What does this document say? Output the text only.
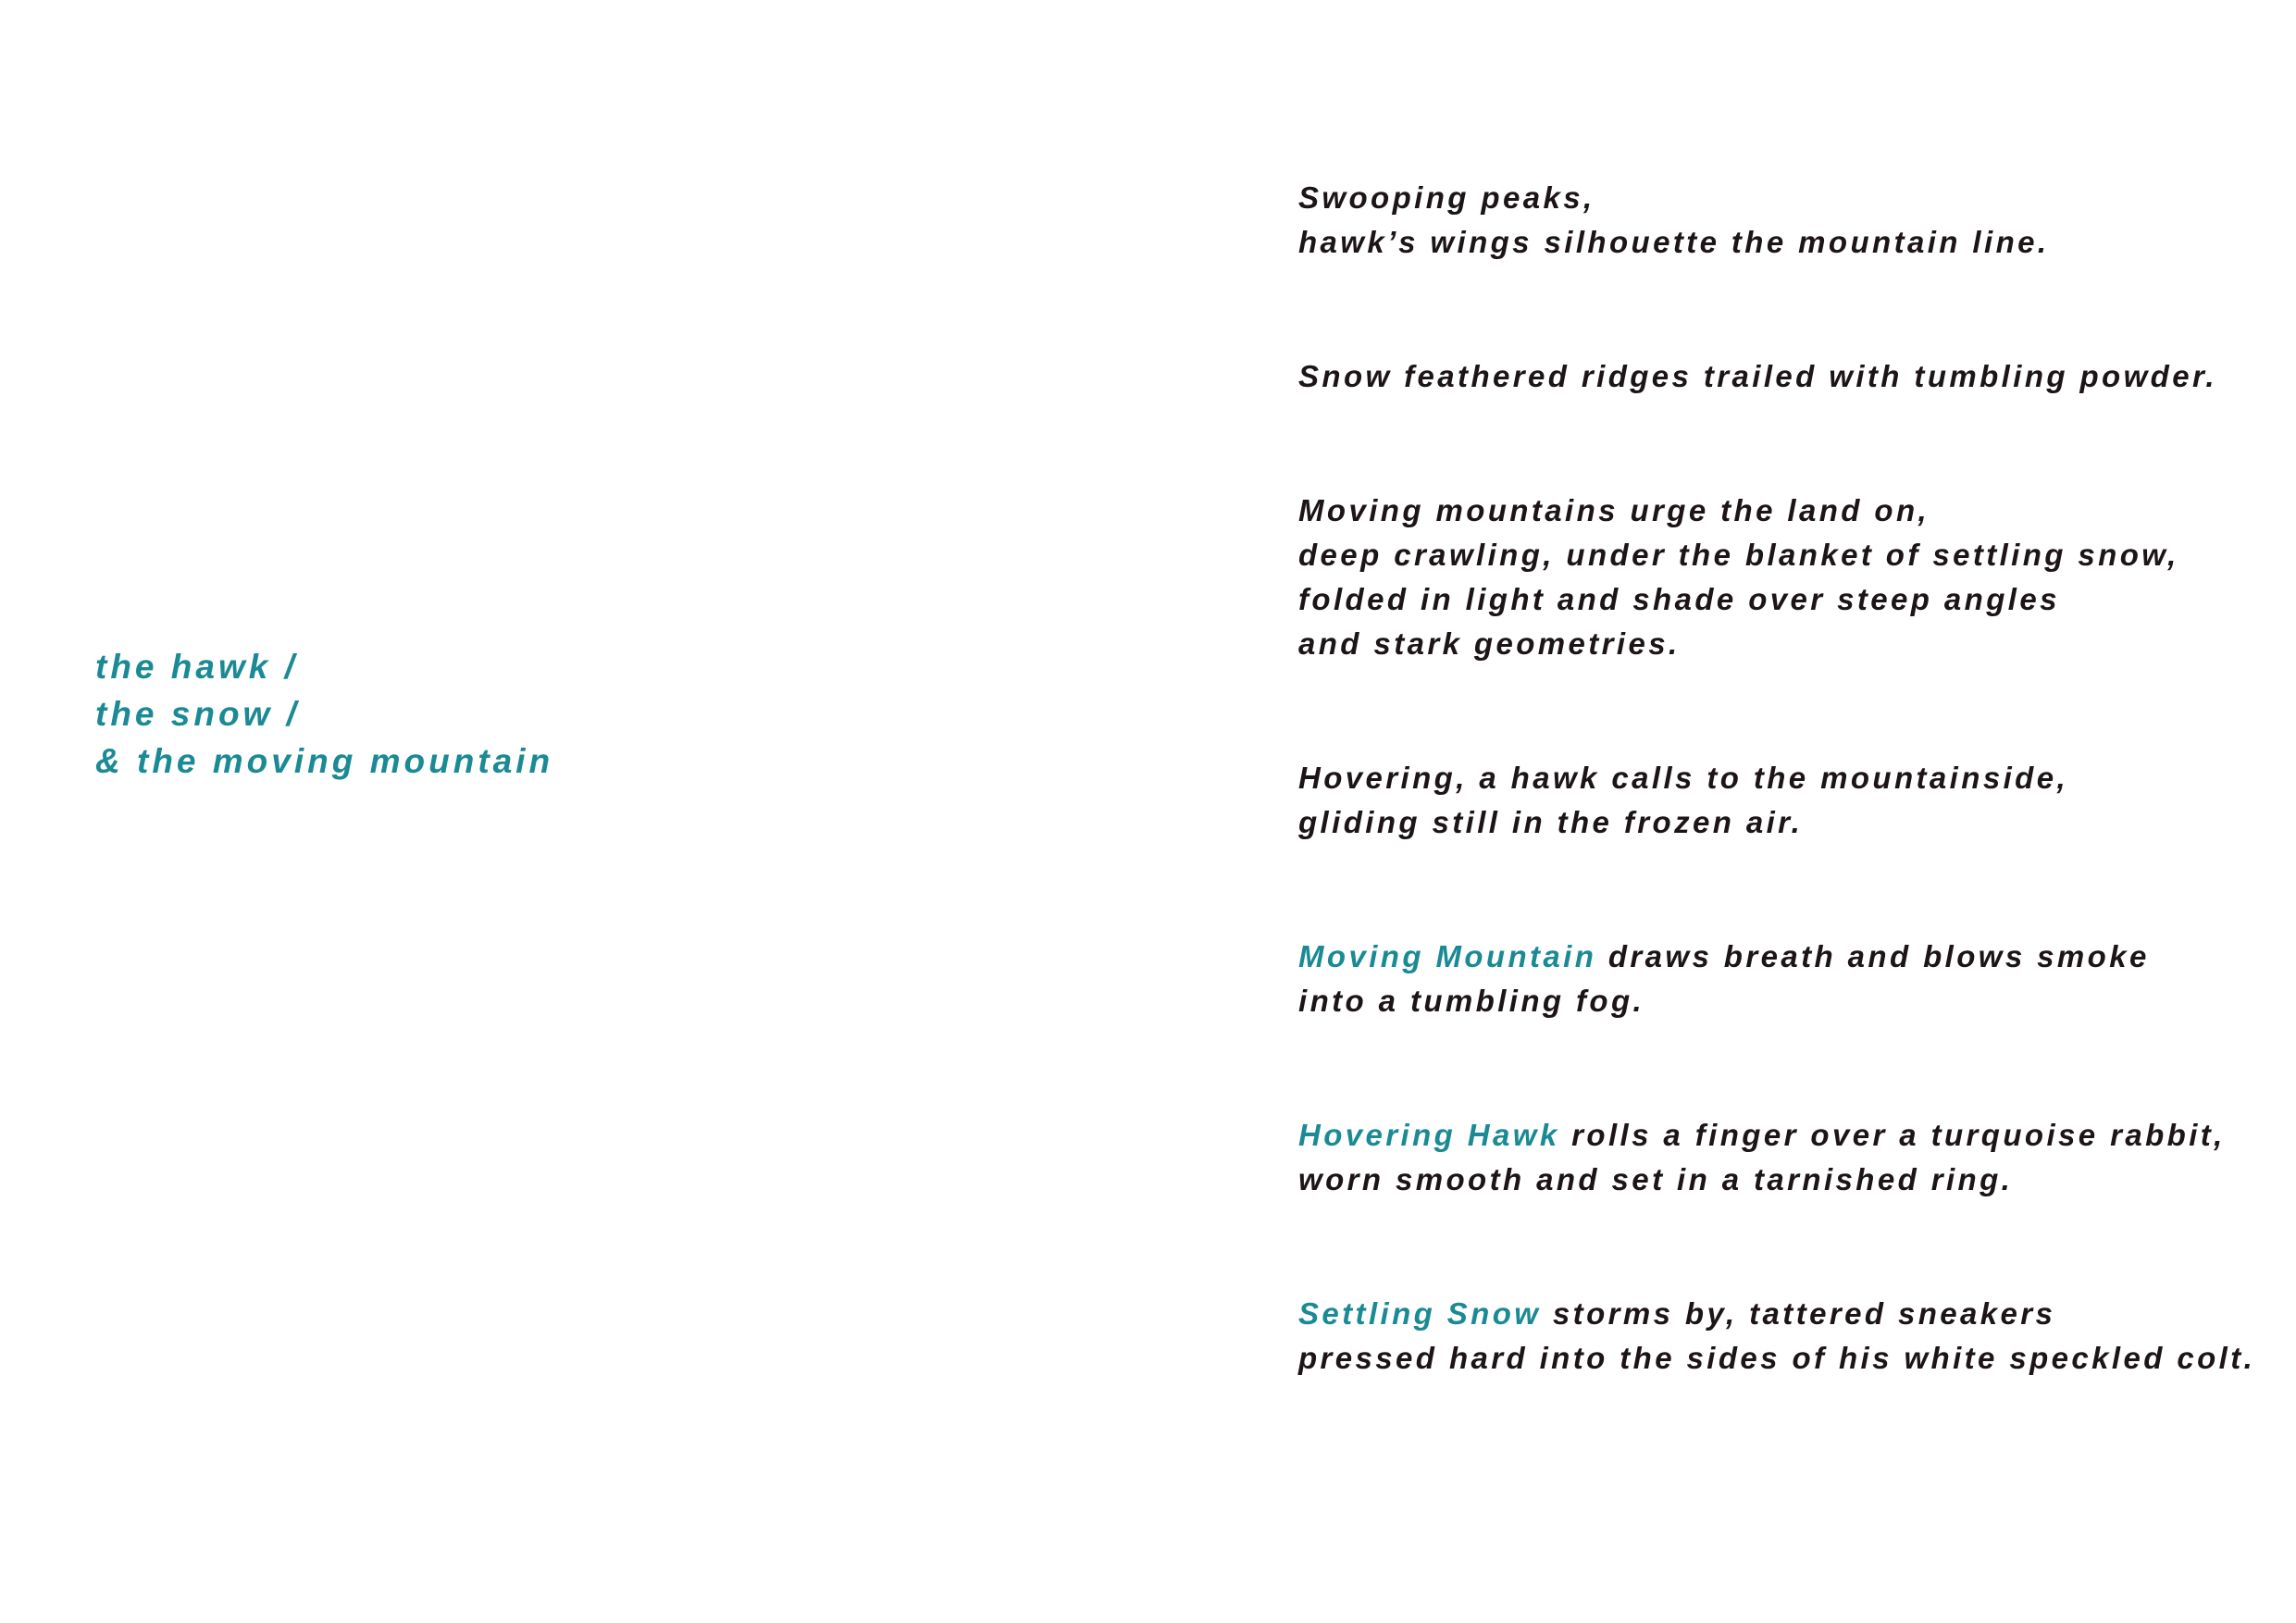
the hawk /
the snow /
& the moving mountain

Swooping peaks,
hawk’s wings silhouette the mountain line.

Snow feathered ridges trailed with tumbling powder.

Moving mountains urge the land on,
deep crawling, under the blanket of settling snow,
folded in light and shade over steep angles
and stark geometries.

Hovering, a hawk calls to the mountainside,
gliding still in the frozen air.

Moving Mountain draws breath and blows smoke
into a tumbling fog.

Hovering Hawk rolls a finger over a turquoise rabbit,
worn smooth and set in a tarnished ring.

Settling Snow storms by, tattered sneakers
pressed hard into the sides of his white speckled colt.
